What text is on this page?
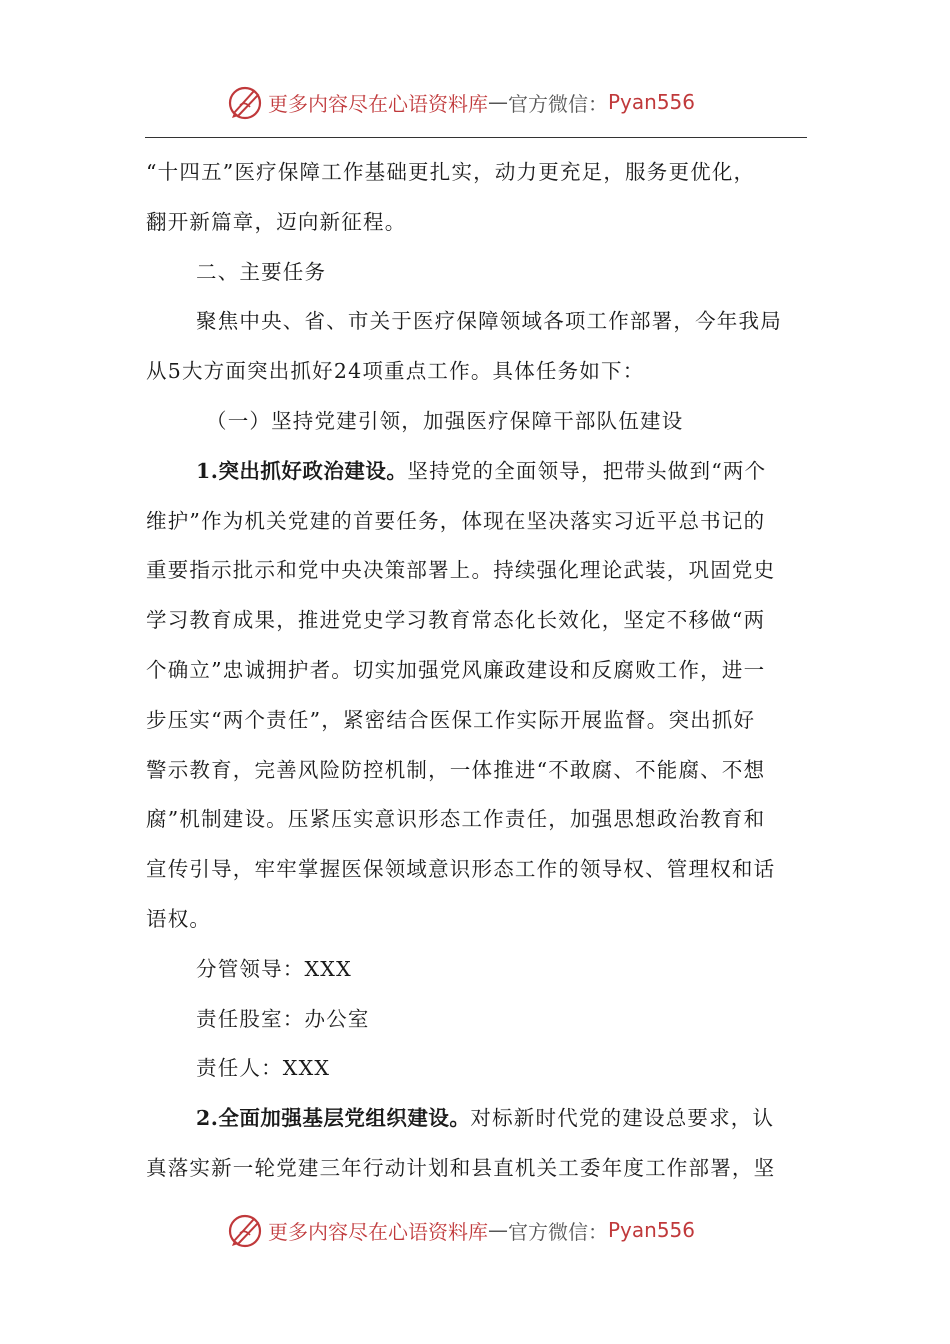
更多内容尽在心语资料库 — 官方微信： Pyan556
“十四五”医疗保障工作基础更扎实，动力更充足，服务更优化，
翻开新篇章，迈向新征程。
二、主要任务
聚焦中央、省、市关于医疗保障领域各项工作部署，今年我局
从5大方面突出抓好24项重点工作。具体任务如下：
（一）坚持党建引领，加强医疗保障干部队伍建设
1.突出抓好政治建设。坚持党的全面领导，把带头做到“两个
维护”作为机关党建的首要任务，体现在坚决落实习近平总书记的
重要指示批示和党中央决策部署上。持续强化理论武装，巩固党史
学习教育成果，推进党史学习教育常态化长效化，坚定不移做“两
个确立”忠诚拥护者。切实加强党风廉政建设和反腐败工作，进一
步压实“两个责任”，紧密结合医保工作实际开展监督。突出抓好
警示教育，完善风险防控机制，一体推进“不敢腐、不能腐、不想
腐”机制建设。压紧压实意识形态工作责任，加强思想政治教育和
宣传引导，牢牢掌握医保领域意识形态工作的领导权、管理权和话
语权。
分管领导：XXX
责任股室：办公室
责任人：XXX
2.全面加强基层党组织建设。对标新时代党的建设总要求，认
真落实新一轮党建三年行动计划和县直机关工委年度工作部署，坚
更多内容尽在心语资料库 — 官方微信： Pyan556
